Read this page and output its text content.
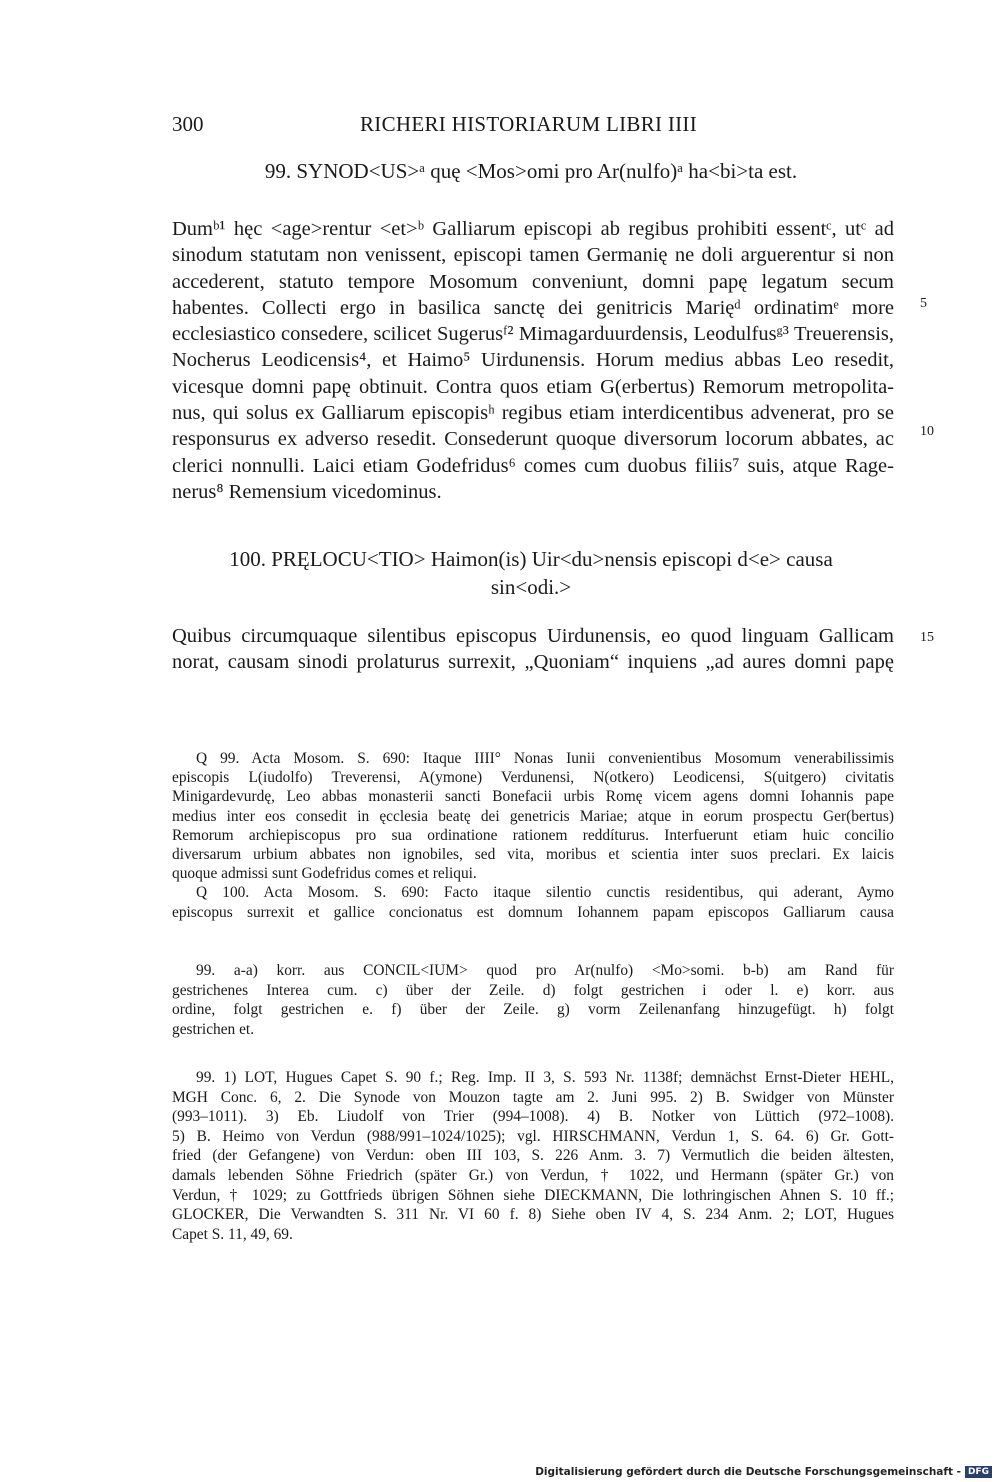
300	RICHERI HISTORIARUM LIBRI IIII
99. SYNOD<US>ᵃ quę <Mos>omi pro Ar(nulfo)ᵃ ha<bi>ta est.
Dumᵇ¹ hęc <age>rentur <et>ᵇ Galliarum episcopi ab regibus prohibiti essentᶜ, utᶜ ad
sinodum statutam non venissent, episcopi tamen Germanię ne doli arguerentur si non
accederent, statuto tempore Mosomum conveniunt, domni papę legatum secum
habentes. Collecti ergo in basilica sanctę dei genitricis Marięᵈ ordinatimᵉ more
ecclesiastico consedere, scilicet Sugerusᶠ² Mimagarduurdensis, Leodulfusᵍ³ Treuerensis,
Nocherus Leodicensis⁴, et Haimo⁵ Uirdunensis. Horum medius abbas Leo resedit,
vicesque domni papę obtinuit. Contra quos etiam G(erbertus) Remorum metropolita-
nus, qui solus ex Galliarum episcopisʰ regibus etiam interdicentibus advenerat, pro se
responsurus ex adverso resedit. Consederunt quoque diversorum locorum abbates, ac
clerici nonnulli. Laici etiam Godefridus⁶ comes cum duobus filiis⁷ suis, atque Rage-
nerus⁸ Remensium vicedominus.
5
10
15
100. PRĘLOCU<TIO> Haimon(is) Uir<du>nensis episcopi d<e> causa
sin<odi.>
Quibus circumquaque silentibus episcopus Uirdunensis, eo quod linguam Gallicam
norat, causam sinodi prolaturus surrexit, „Quoniam“ inquiens „ad aures domni papę
Q 99. Acta Mosom. S. 690: Itaque IIII° Nonas Iunii convenientibus Mosomum venerabilissimis
episcopis L(iudolfo) Treverensi, A(ymone) Verdunensi, N(otkero) Leodicensi, S(uitgero) civitatis
Minigardevurdę, Leo abbas monasterii sancti Bonefacii urbis Romę vicem agens domni Iohannis pape
medius inter eos consedit in ęcclesia beatę dei genetricis Mariae; atque in eorum prospectu Ger(bertus)
Remorum archiepiscopus pro sua ordinatione rationem reddíturus. Interfuerunt etiam huic concilio
diversarum urbium abbates non ignobiles, sed vita, moribus et scientia inter suos preclari. Ex laicis
quoque admissi sunt Godefridus comes et reliqui.
Q 100. Acta Mosom. S. 690: Facto itaque silentio cunctis residentibus, qui aderant, Aymo
episcopus surrexit et gallice concionatus est domnum Iohannem papam episcopos Galliarum causa
99. a-a) korr. aus CONCIL<IUM> quod pro Ar(nulfo) <Mo>somi. b-b) am Rand für
gestrichenes Interea cum. c) über der Zeile. d) folgt gestrichen i oder l. e) korr. aus
ordine, folgt gestrichen e. f) über der Zeile. g) vorm Zeilenanfang hinzugefügt. h) folgt
gestrichen et.
99. 1) LOT, Hugues Capet S. 90 f.; Reg. Imp. II 3, S. 593 Nr. 1138f; demnächst Ernst-Dieter HEHL,
MGH Conc. 6, 2. Die Synode von Mouzon tagte am 2. Juni 995. 2) B. Swidger von Münster
(993–1011). 3) Eb. Liudolf von Trier (994–1008). 4) B. Notker von Lüttich (972–1008).
5) B. Heimo von Verdun (988/991–1024/1025); vgl. HIRSCHMANN, Verdun 1, S. 64. 6) Gr. Gott-
fried (der Gefangene) von Verdun: oben III 103, S. 226 Anm. 3. 7) Vermutlich die beiden ältesten,
damals lebenden Söhne Friedrich (später Gr.) von Verdun, † 1022, und Hermann (später Gr.) von
Verdun, † 1029; zu Gottfrieds übrigen Söhnen siehe DIECKMANN, Die lothringischen Ahnen S. 10 ff.;
GLOCKER, Die Verwandten S. 311 Nr. VI 60 f. 8) Siehe oben IV 4, S. 234 Anm. 2; LOT, Hugues
Capet S. 11, 49, 69.
Digitalisierung gefördert durch die Deutsche Forschungsgemeinschaft - DFG
